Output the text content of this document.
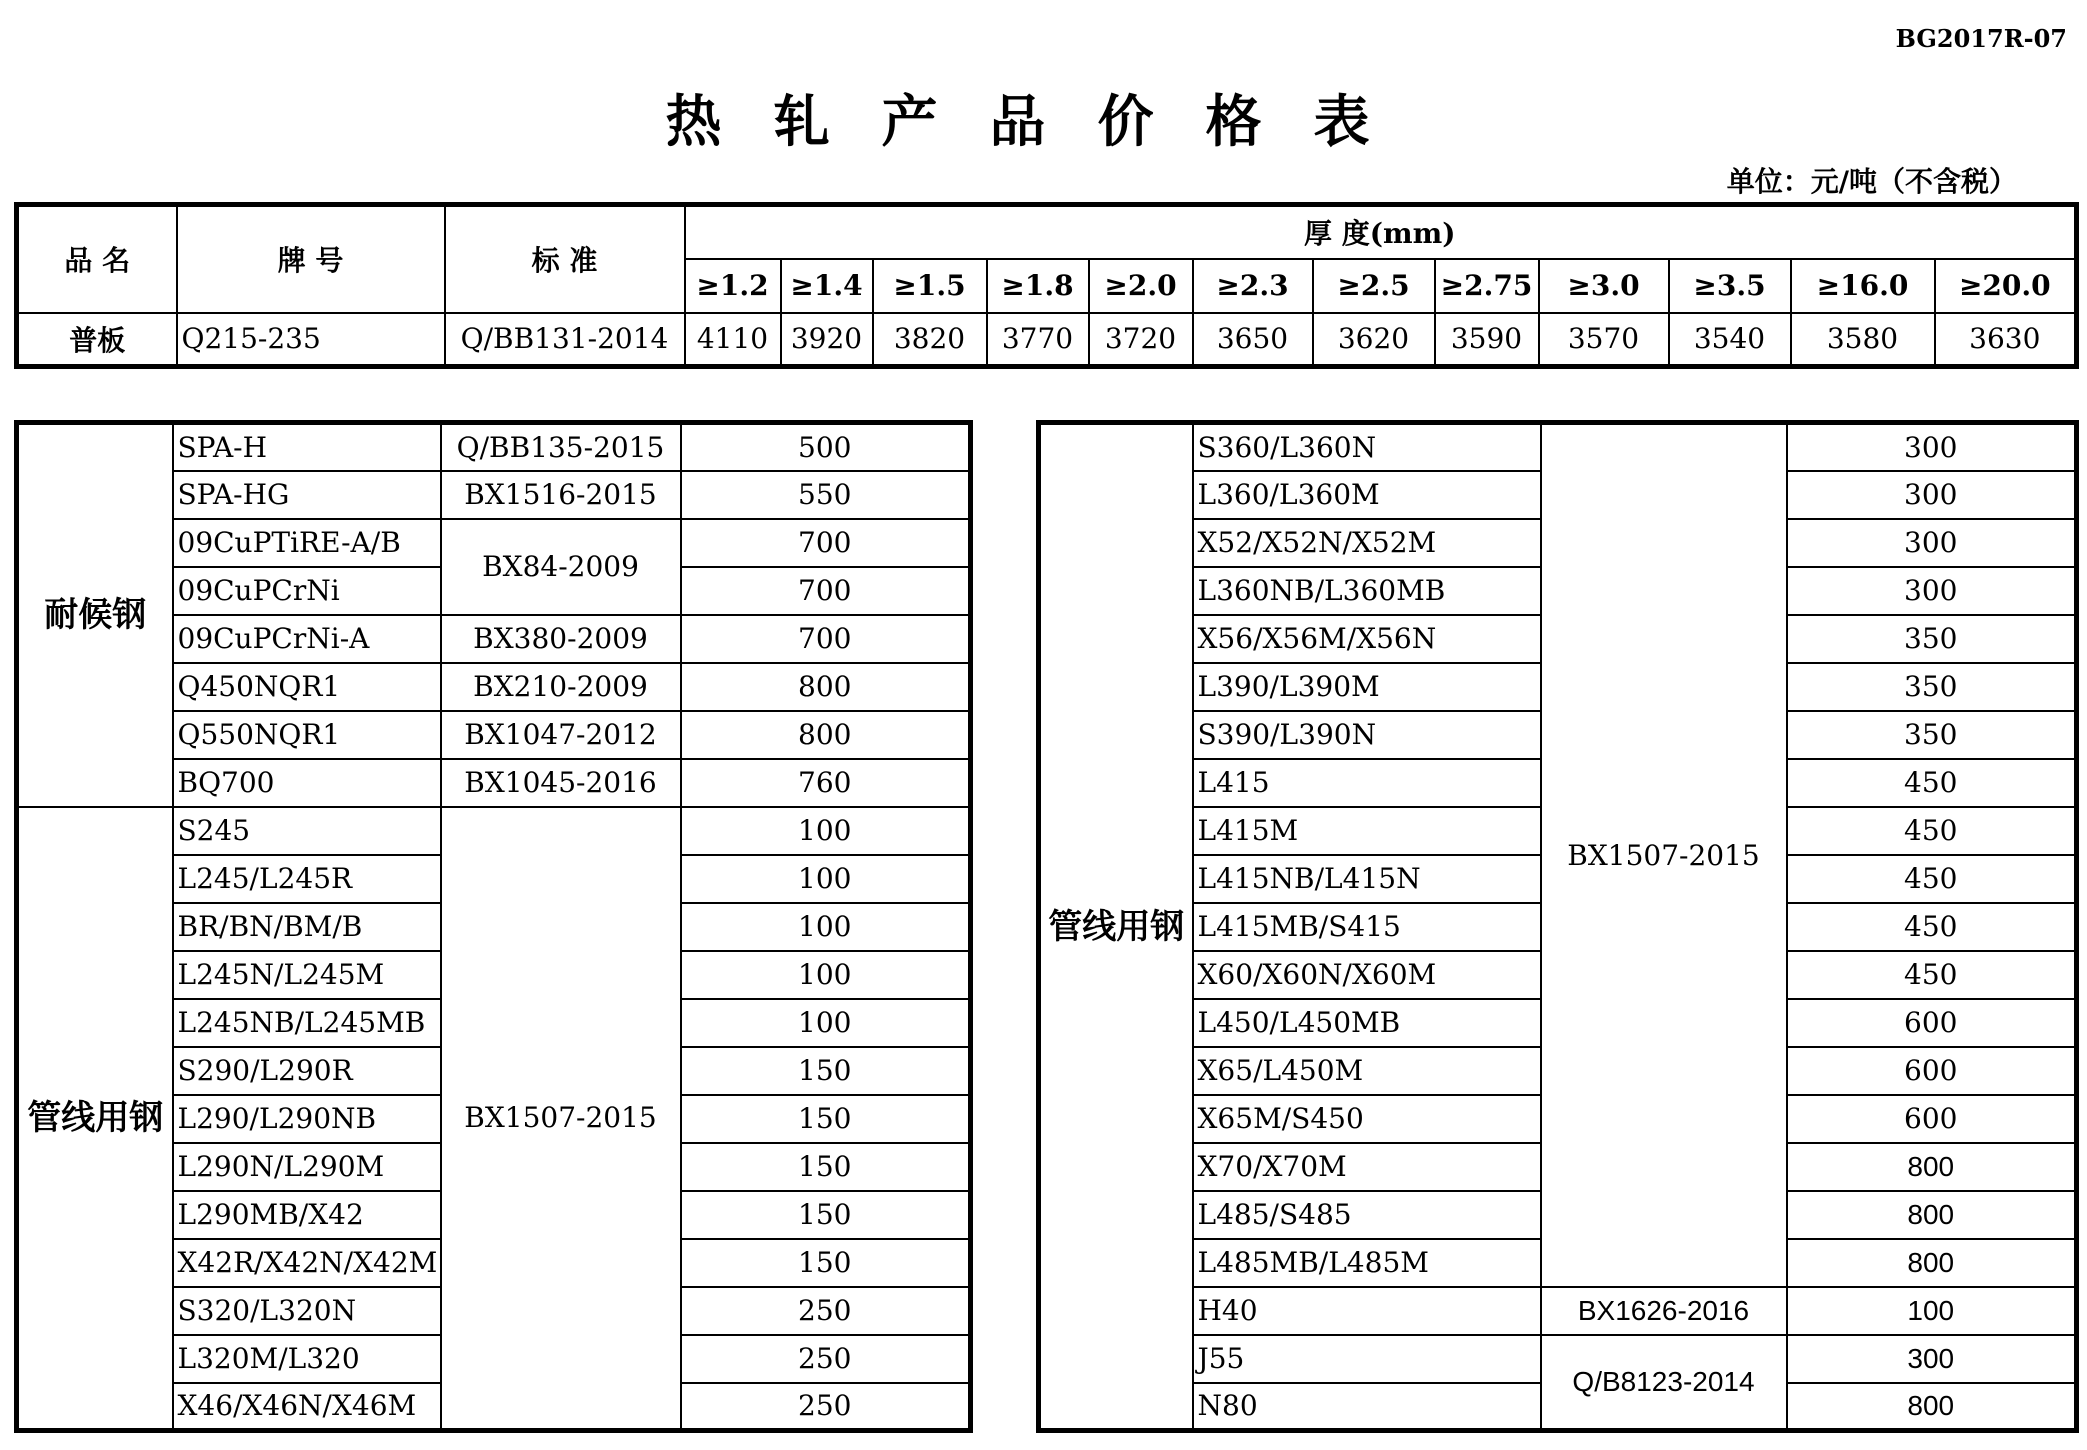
BG2017R-07
热轧产品价格表
单位：元/吨（不含税）
品 名	牌 号	标 准	厚 度(mm)											
			≥1.2	≥1.4	≥1.5	≥1.8	≥2.0	≥2.3	≥2.5	≥2.75	≥3.0	≥3.5	≥16.0	≥20.0
普板	Q215-235	Q/BB131-2014	4110	3920	3820	3770	3720	3650	3620	3590	3570	3540	3580	3630
耐候钢	SPA-H	Q/BB135-2015	500
	SPA-HG	BX1516-2015	550
	09CuPTiRE-A/B	BX84-2009	700
	09CuPCrNi		700
	09CuPCrNi-A	BX380-2009	700
	Q450NQR1	BX210-2009	800
	Q550NQR1	BX1047-2012	800
	BQ700	BX1045-2016	760
管线用钢	S245	BX1507-2015	100
	L245/L245R		100
	BR/BN/BM/B		100
	L245N/L245M		100
	L245NB/L245MB		100
	S290/L290R		150
	L290/L290NB		150
	L290N/L290M		150
	L290MB/X42		150
	X42R/X42N/X42M		150
	S320/L320N		250
	L320M/L320		250
	X46/X46N/X46M		250
管线用钢	S360/L360N	BX1507-2015	300
	L360/L360M		300
	X52/X52N/X52M		300
	L360NB/L360MB		300
	X56/X56M/X56N		350
	L390/L390M		350
	S390/L390N		350
	L415		450
	L415M		450
	L415NB/L415N		450
	L415MB/S415		450
	X60/X60N/X60M		450
	L450/L450MB		600
	X65/L450M		600
	X65M/S450		600
	X70/X70M		800
	L485/S485		800
	L485MB/L485M		800
	H40	BX1626-2016	100
	J55	Q/B8123-2014	300
	N80		800
